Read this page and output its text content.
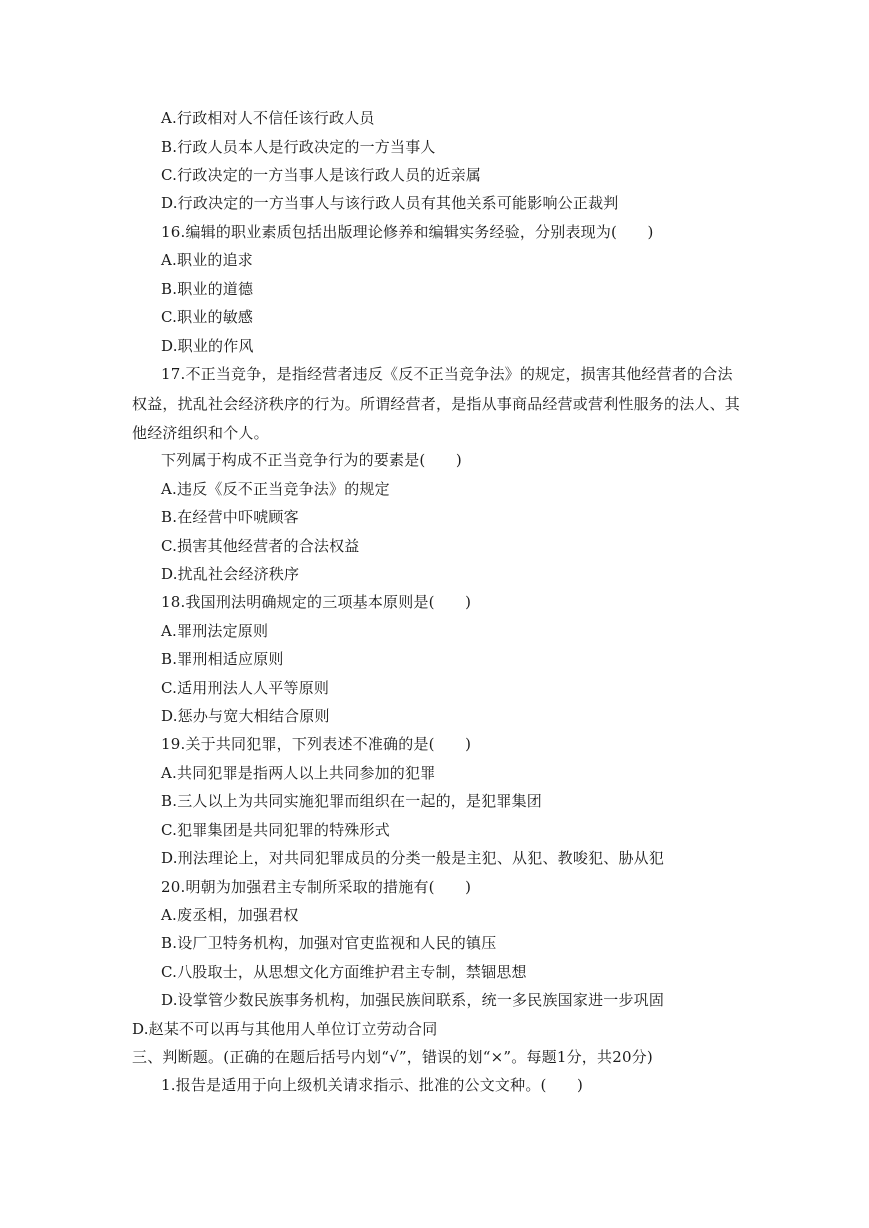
A.行政相对人不信任该行政人员
B.行政人员本人是行政决定的一方当事人
C.行政决定的一方当事人是该行政人员的近亲属
D.行政决定的一方当事人与该行政人员有其他关系可能影响公正裁判
16.编辑的职业素质包括出版理论修养和编辑实务经验，分别表现为(　　)
A.职业的追求
B.职业的道德
C.职业的敏感
D.职业的作风
17.不正当竞争，是指经营者违反《反不正当竞争法》的规定，损害其他经营者的合法
权益，扰乱社会经济秩序的行为。所谓经营者，是指从事商品经营或营利性服务的法人、其
他经济组织和个人。
下列属于构成不正当竞争行为的要素是(　　)
A.违反《反不正当竞争法》的规定
B.在经营中吓唬顾客
C.损害其他经营者的合法权益
D.扰乱社会经济秩序
18.我国刑法明确规定的三项基本原则是(　　)
A.罪刑法定原则
B.罪刑相适应原则
C.适用刑法人人平等原则
D.惩办与宽大相结合原则
19.关于共同犯罪，下列表述不准确的是(　　)
A.共同犯罪是指两人以上共同参加的犯罪
B.三人以上为共同实施犯罪而组织在一起的，是犯罪集团
C.犯罪集团是共同犯罪的特殊形式
D.刑法理论上，对共同犯罪成员的分类一般是主犯、从犯、教唆犯、胁从犯
20.明朝为加强君主专制所采取的措施有(　　)
A.废丞相，加强君权
B.设厂卫特务机构，加强对官吏监视和人民的镇压
C.八股取士，从思想文化方面维护君主专制，禁锢思想
D.设掌管少数民族事务机构，加强民族间联系，统一多民族国家进一步巩固
D.赵某不可以再与其他用人单位订立劳动合同
三、判断题。(正确的在题后括号内划“√”，错误的划“×”。每题1分，共20分)
1.报告是适用于向上级机关请求指示、批准的公文文种。(　　)
